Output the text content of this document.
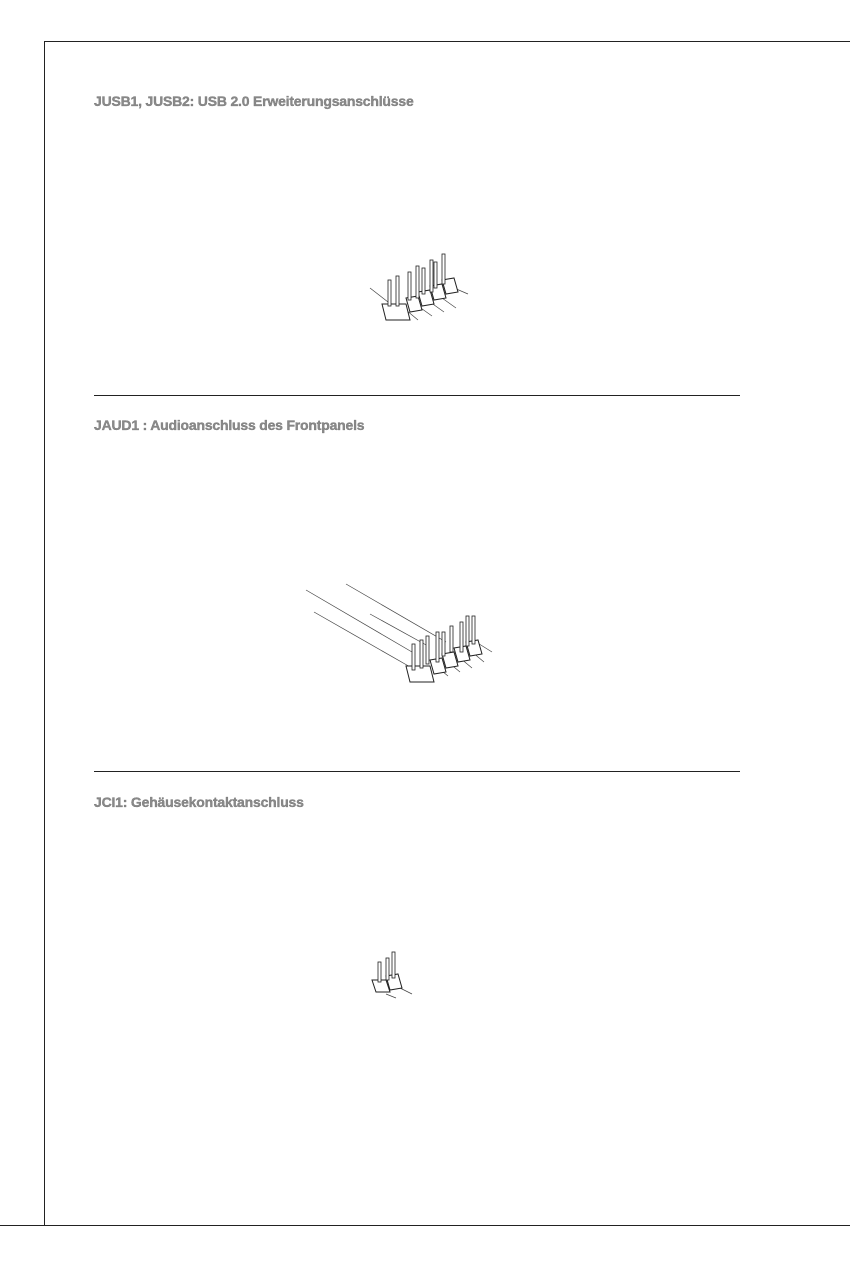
JUSB1, JUSB2: USB 2.0 Erweiterungsanschlüsse
JAUD1 : Audioanschluss des Frontpanels
JCI1: Gehäusekontaktanschluss
